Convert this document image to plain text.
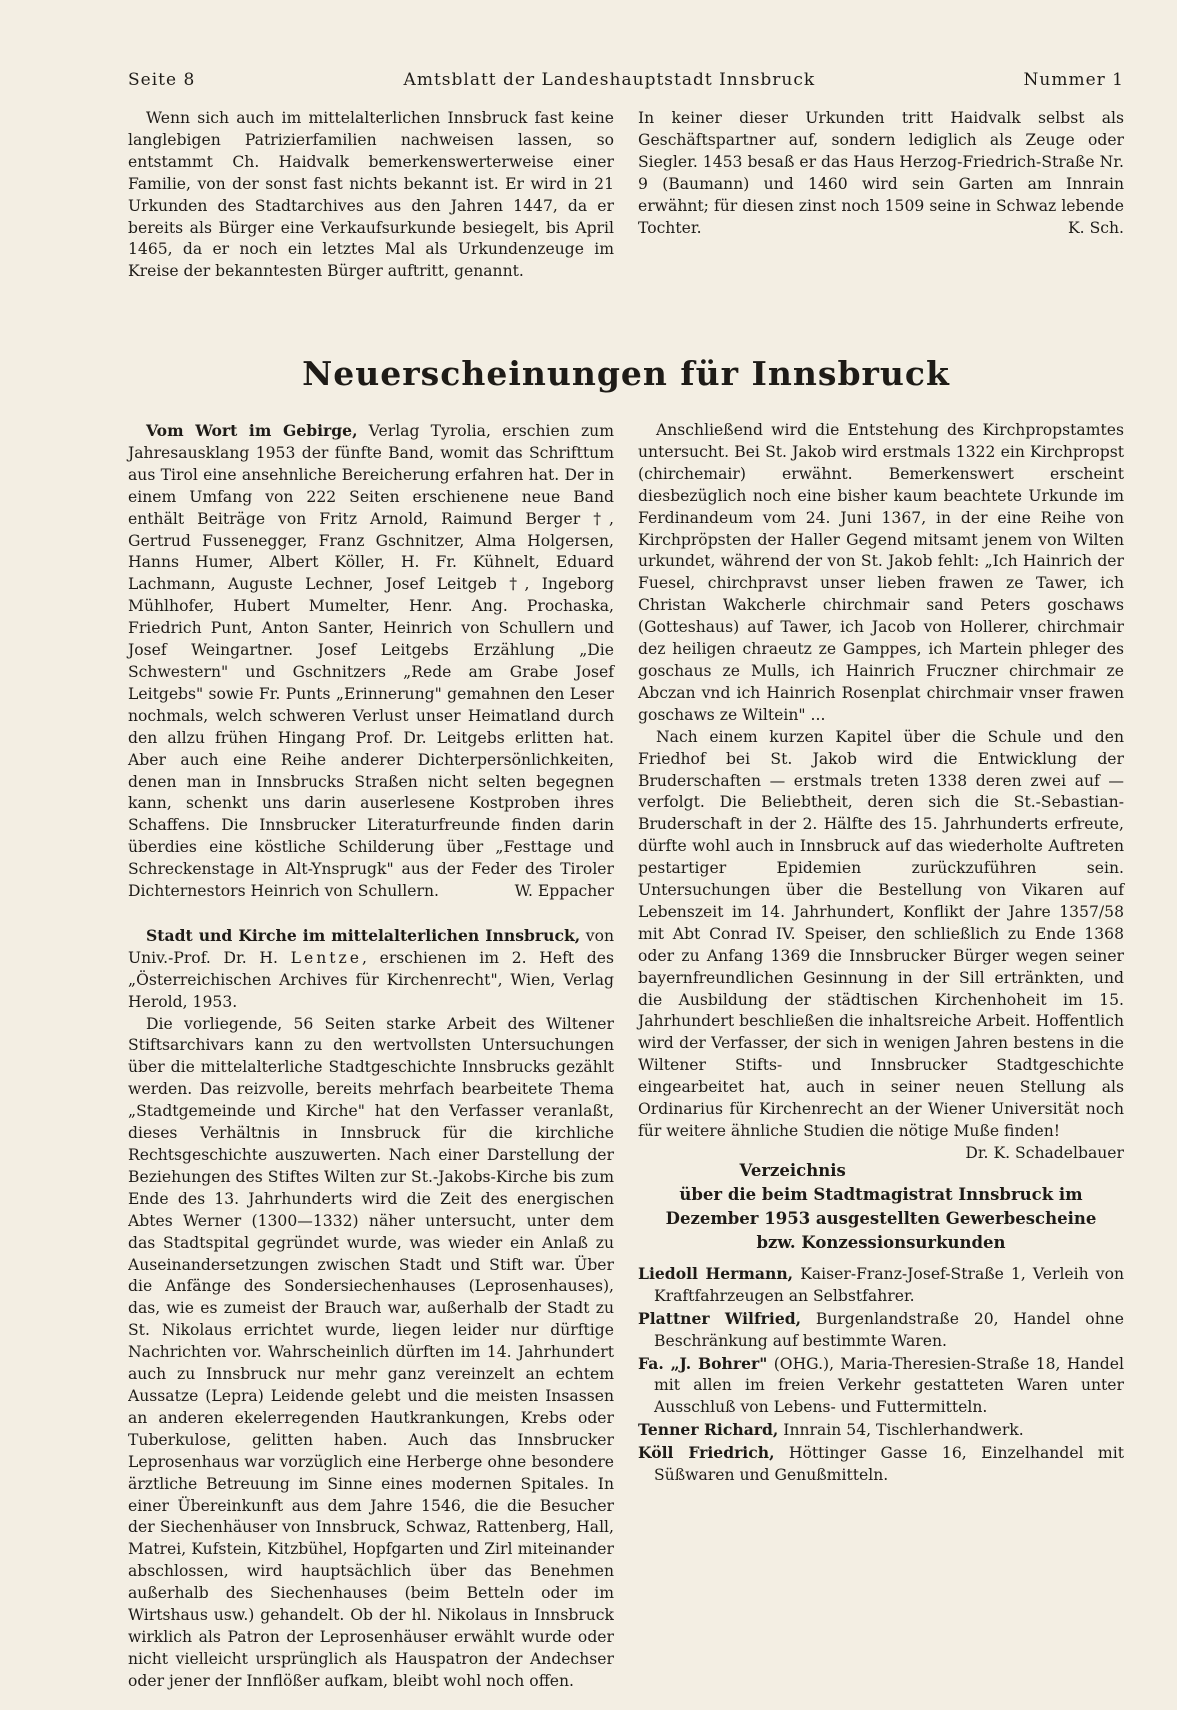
Seite 8	Amtsblatt der Landeshauptstadt Innsbruck	Nummer 1

Wenn sich auch im mittelalterlichen Innsbruck fast keine langlebigen Patrizierfamilien nachweisen lassen, so entstammt Ch. Haidvalk bemerkenswerterweise einer Familie, von der sonst fast nichts bekannt ist. Er wird in 21 Urkunden des Stadtarchives aus den Jahren 1447, da er bereits als Bürger eine Verkaufsurkunde besiegelt, bis April 1465, da er noch ein letztes Mal als Urkundenzeuge im Kreise der bekanntesten Bürger auftritt, genannt.

In keiner dieser Urkunden tritt Haidvalk selbst als Geschäftspartner auf, sondern lediglich als Zeuge oder Siegler. 1453 besaß er das Haus Herzog-Friedrich-Straße Nr. 9 (Baumann) und 1460 wird sein Garten am Innrain erwähnt; für diesen zinst noch 1509 seine in Schwaz lebende Tochter.	K. Sch.

Neuerscheinungen für Innsbruck

Vom Wort im Gebirge, Verlag Tyrolia, erschien zum Jahresausklang 1953 der fünfte Band, womit das Schrifttum aus Tirol eine ansehnliche Bereicherung erfahren hat. Der in einem Umfang von 222 Seiten erschienene neue Band enthält Beiträge von Fritz Arnold, Raimund Berger †, Gertrud Fussenegger, Franz Gschnitzer, Alma Holgersen, Hanns Humer, Albert Köller, H. Fr. Kühnelt, Eduard Lachmann, Auguste Lechner, Josef Leitgeb †, Ingeborg Mühlhofer, Hubert Mumelter, Henr. Ang. Prochaska, Friedrich Punt, Anton Santer, Heinrich von Schullern und Josef Weingartner. Josef Leitgebs Erzählung „Die Schwestern" und Gschnitzers „Rede am Grabe Josef Leitgebs" sowie Fr. Punts „Erinnerung" gemahnen den Leser nochmals, welch schweren Verlust unser Heimatland durch den allzu frühen Hingang Prof. Dr. Leitgebs erlitten hat. Aber auch eine Reihe anderer Dichterpersönlichkeiten, denen man in Innsbrucks Straßen nicht selten begegnen kann, schenkt uns darin auserlesene Kostproben ihres Schaffens. Die Innsbrucker Literaturfreunde finden darin überdies eine köstliche Schilderung über „Festtage und Schreckenstage in Alt-Ynsprugk" aus der Feder des Tiroler Dichternestors Heinrich von Schullern.	W. Eppacher

Stadt und Kirche im mittelalterlichen Innsbruck, von Univ.-Prof. Dr. H. Lentze, erschienen im 2. Heft des „Österreichischen Archives für Kirchenrecht", Wien, Verlag Herold, 1953.

Die vorliegende, 56 Seiten starke Arbeit des Wiltener Stiftsarchivars kann zu den wertvollsten Untersuchungen über die mittelalterliche Stadtgeschichte Innsbrucks gezählt werden. Das reizvolle, bereits mehrfach bearbeitete Thema „Stadtgemeinde und Kirche" hat den Verfasser veranlaßt, dieses Verhältnis in Innsbruck für die kirchliche Rechtsgeschichte auszuwerten. Nach einer Darstellung der Beziehungen des Stiftes Wilten zur St.-Jakobs-Kirche bis zum Ende des 13. Jahrhunderts wird die Zeit des energischen Abtes Werner (1300—1332) näher untersucht, unter dem das Stadtspital gegründet wurde, was wieder ein Anlaß zu Auseinandersetzungen zwischen Stadt und Stift war. Über die Anfänge des Sondersiechenhauses (Leprosenhauses), das, wie es zumeist der Brauch war, außerhalb der Stadt zu St. Nikolaus errichtet wurde, liegen leider nur dürftige Nachrichten vor. Wahrscheinlich dürften im 14. Jahrhundert auch zu Innsbruck nur mehr ganz vereinzelt an echtem Aussatze (Lepra) Leidende gelebt und die meisten Insassen an anderen ekelerregenden Hautkrankungen, Krebs oder Tuberkulose, gelitten haben. Auch das Innsbrucker Leprosenhaus war vorzüglich eine Herberge ohne besondere ärztliche Betreuung im Sinne eines modernen Spitales. In einer Übereinkunft aus dem Jahre 1546, die die Besucher der Siechenhäuser von Innsbruck, Schwaz, Rattenberg, Hall, Matrei, Kufstein, Kitzbühel, Hopfgarten und Zirl miteinander abschlossen, wird hauptsächlich über das Benehmen außerhalb des Siechenhauses (beim Betteln oder im Wirtshaus usw.) gehandelt. Ob der hl. Nikolaus in Innsbruck wirklich als Patron der Leprosenhäuser erwählt wurde oder nicht vielleicht ursprünglich als Hauspatron der Andechser oder jener der Innflößer aufkam, bleibt wohl noch offen.

Anschließend wird die Entstehung des Kirchpropstamtes untersucht. Bei St. Jakob wird erstmals 1322 ein Kirchpropst (chirchemair) erwähnt. Bemerkenswert erscheint diesbezüglich noch eine bisher kaum beachtete Urkunde im Ferdinandeum vom 24. Juni 1367, in der eine Reihe von Kirchpröpsten der Haller Gegend mitsamt jenem von Wilten urkundet, während der von St. Jakob fehlt: „Ich Hainrich der Fuesel, chirchpravst unser lieben frawen ze Tawer, ich Christan Wakcherle chirchmair sand Peters goschaws (Gotteshaus) auf Tawer, ich Jacob von Hollerer, chirchmair dez heiligen chraeutz ze Gamppes, ich Martein phleger des goschaus ze Mulls, ich Hainrich Fruczner chirchmair ze Abczan vnd ich Hainrich Rosenplat chirchmair vnser frawen goschaws ze Wiltein" ...

Nach einem kurzen Kapitel über die Schule und den Friedhof bei St. Jakob wird die Entwicklung der Bruderschaften — erstmals treten 1338 deren zwei auf — verfolgt. Die Beliebtheit, deren sich die St.-Sebastian-Bruderschaft in der 2. Hälfte des 15. Jahrhunderts erfreute, dürfte wohl auch in Innsbruck auf das wiederholte Auftreten pestartiger Epidemien zurückzuführen sein. Untersuchungen über die Bestellung von Vikaren auf Lebenszeit im 14. Jahrhundert, Konflikt der Jahre 1357/58 mit Abt Conrad IV. Speiser, den schließlich zu Ende 1368 oder zu Anfang 1369 die Innsbrucker Bürger wegen seiner bayernfreundlichen Gesinnung in der Sill ertränkten, und die Ausbildung der städtischen Kirchenhoheit im 15. Jahrhundert beschließen die inhaltsreiche Arbeit. Hoffentlich wird der Verfasser, der sich in wenigen Jahren bestens in die Wiltener Stifts- und Innsbrucker Stadtgeschichte eingearbeitet hat, auch in seiner neuen Stellung als Ordinarius für Kirchenrecht an der Wiener Universität noch für weitere ähnliche Studien die nötige Muße finden!
Dr. K. Schadelbauer

Verzeichnis
über die beim Stadtmagistrat Innsbruck im
Dezember 1953 ausgestellten Gewerbescheine
bzw. Konzessionsurkunden

Liedoll Hermann, Kaiser-Franz-Josef-Straße 1, Verleih von Kraftfahrzeugen an Selbstfahrer.

Plattner Wilfried, Burgenlandstraße 20, Handel ohne Beschränkung auf bestimmte Waren.

Fa. „J. Bohrer" (OHG.), Maria-Theresien-Straße 18, Handel mit allen im freien Verkehr gestatteten Waren unter Ausschluß von Lebens- und Futtermitteln.

Tenner Richard, Innrain 54, Tischlerhandwerk.

Köll Friedrich, Höttinger Gasse 16, Einzelhandel mit Süßwaren und Genußmitteln.
